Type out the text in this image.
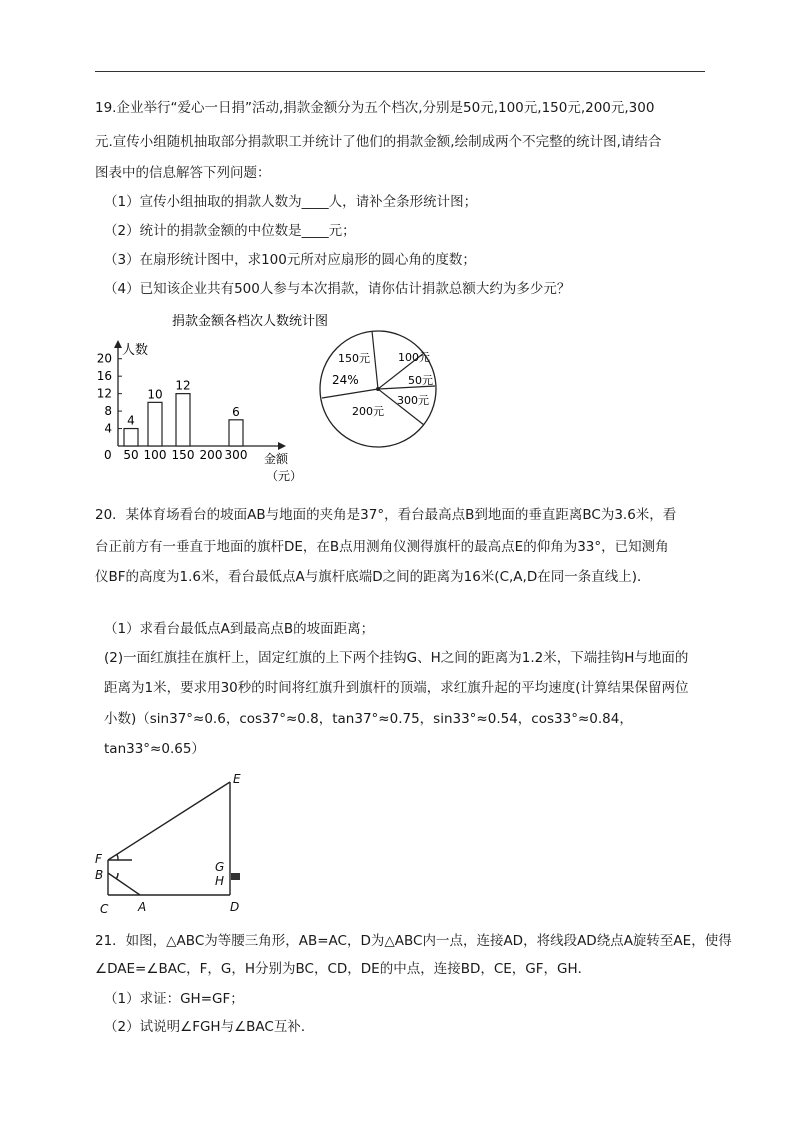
19.企业举行“爱心一日捐”活动,捐款金额分为五个档次,分别是50元,100元,150元,200元,300
元.宣传小组随机抽取部分捐款职工并统计了他们的捐款金额,绘制成两个不完整的统计图,请结合
图表中的信息解答下列问题：
（1）宣传小组抽取的捐款人数为____人，请补全条形统计图；
（2）统计的捐款金额的中位数是____元；
（3）在扇形统计图中，求100元所对应扇形的圆心角的度数；
（4）已知该企业共有500人参与本次捐款，请你估计捐款总额大约为多少元？
捐款金额各档次人数统计图
人数
金额
（元）
0
4
8
12
16
20
50 100 150 200 300
4
10
12
6
100元
50元
300元
200元
150元
24%
20．某体育场看台的坡面AB与地面的夹角是37°，看台最高点B到地面的垂直距离BC为3.6米，看
台正前方有一垂直于地面的旗杆DE，在B点用测角仪测得旗杆的最高点E的仰角为33°，已知测角
仪BF的高度为1.6米，看台最低点A与旗杆底端D之间的距离为16米(C,A,D在同一条直线上)．
（1）求看台最低点A到最高点B的坡面距离；
(2)一面红旗挂在旗杆上，固定红旗的上下两个挂钩G、H之间的距离为1.2米，下端挂钩H与地面的
距离为1米，要求用30秒的时间将红旗升到旗杆的顶端，求红旗升起的平均速度(计算结果保留两位
小数)（sin37°≈0.6，cos37°≈0.8，tan37°≈0.75，sin33°≈0.54，cos33°≈0.84，
tan33°≈0.65）
E
F
B
G
H
C A	D
21．如图，△ABC为等腰三角形，AB=AC，D为△ABC内一点，连接AD，将线段AD绕点A旋转至AE，使得
∠DAE=∠BAC，F，G，H分别为BC，CD，DE的中点，连接BD，CE，GF，GH．
（1）求证：GH=GF；
（2）试说明∠FGH与∠BAC互补．
